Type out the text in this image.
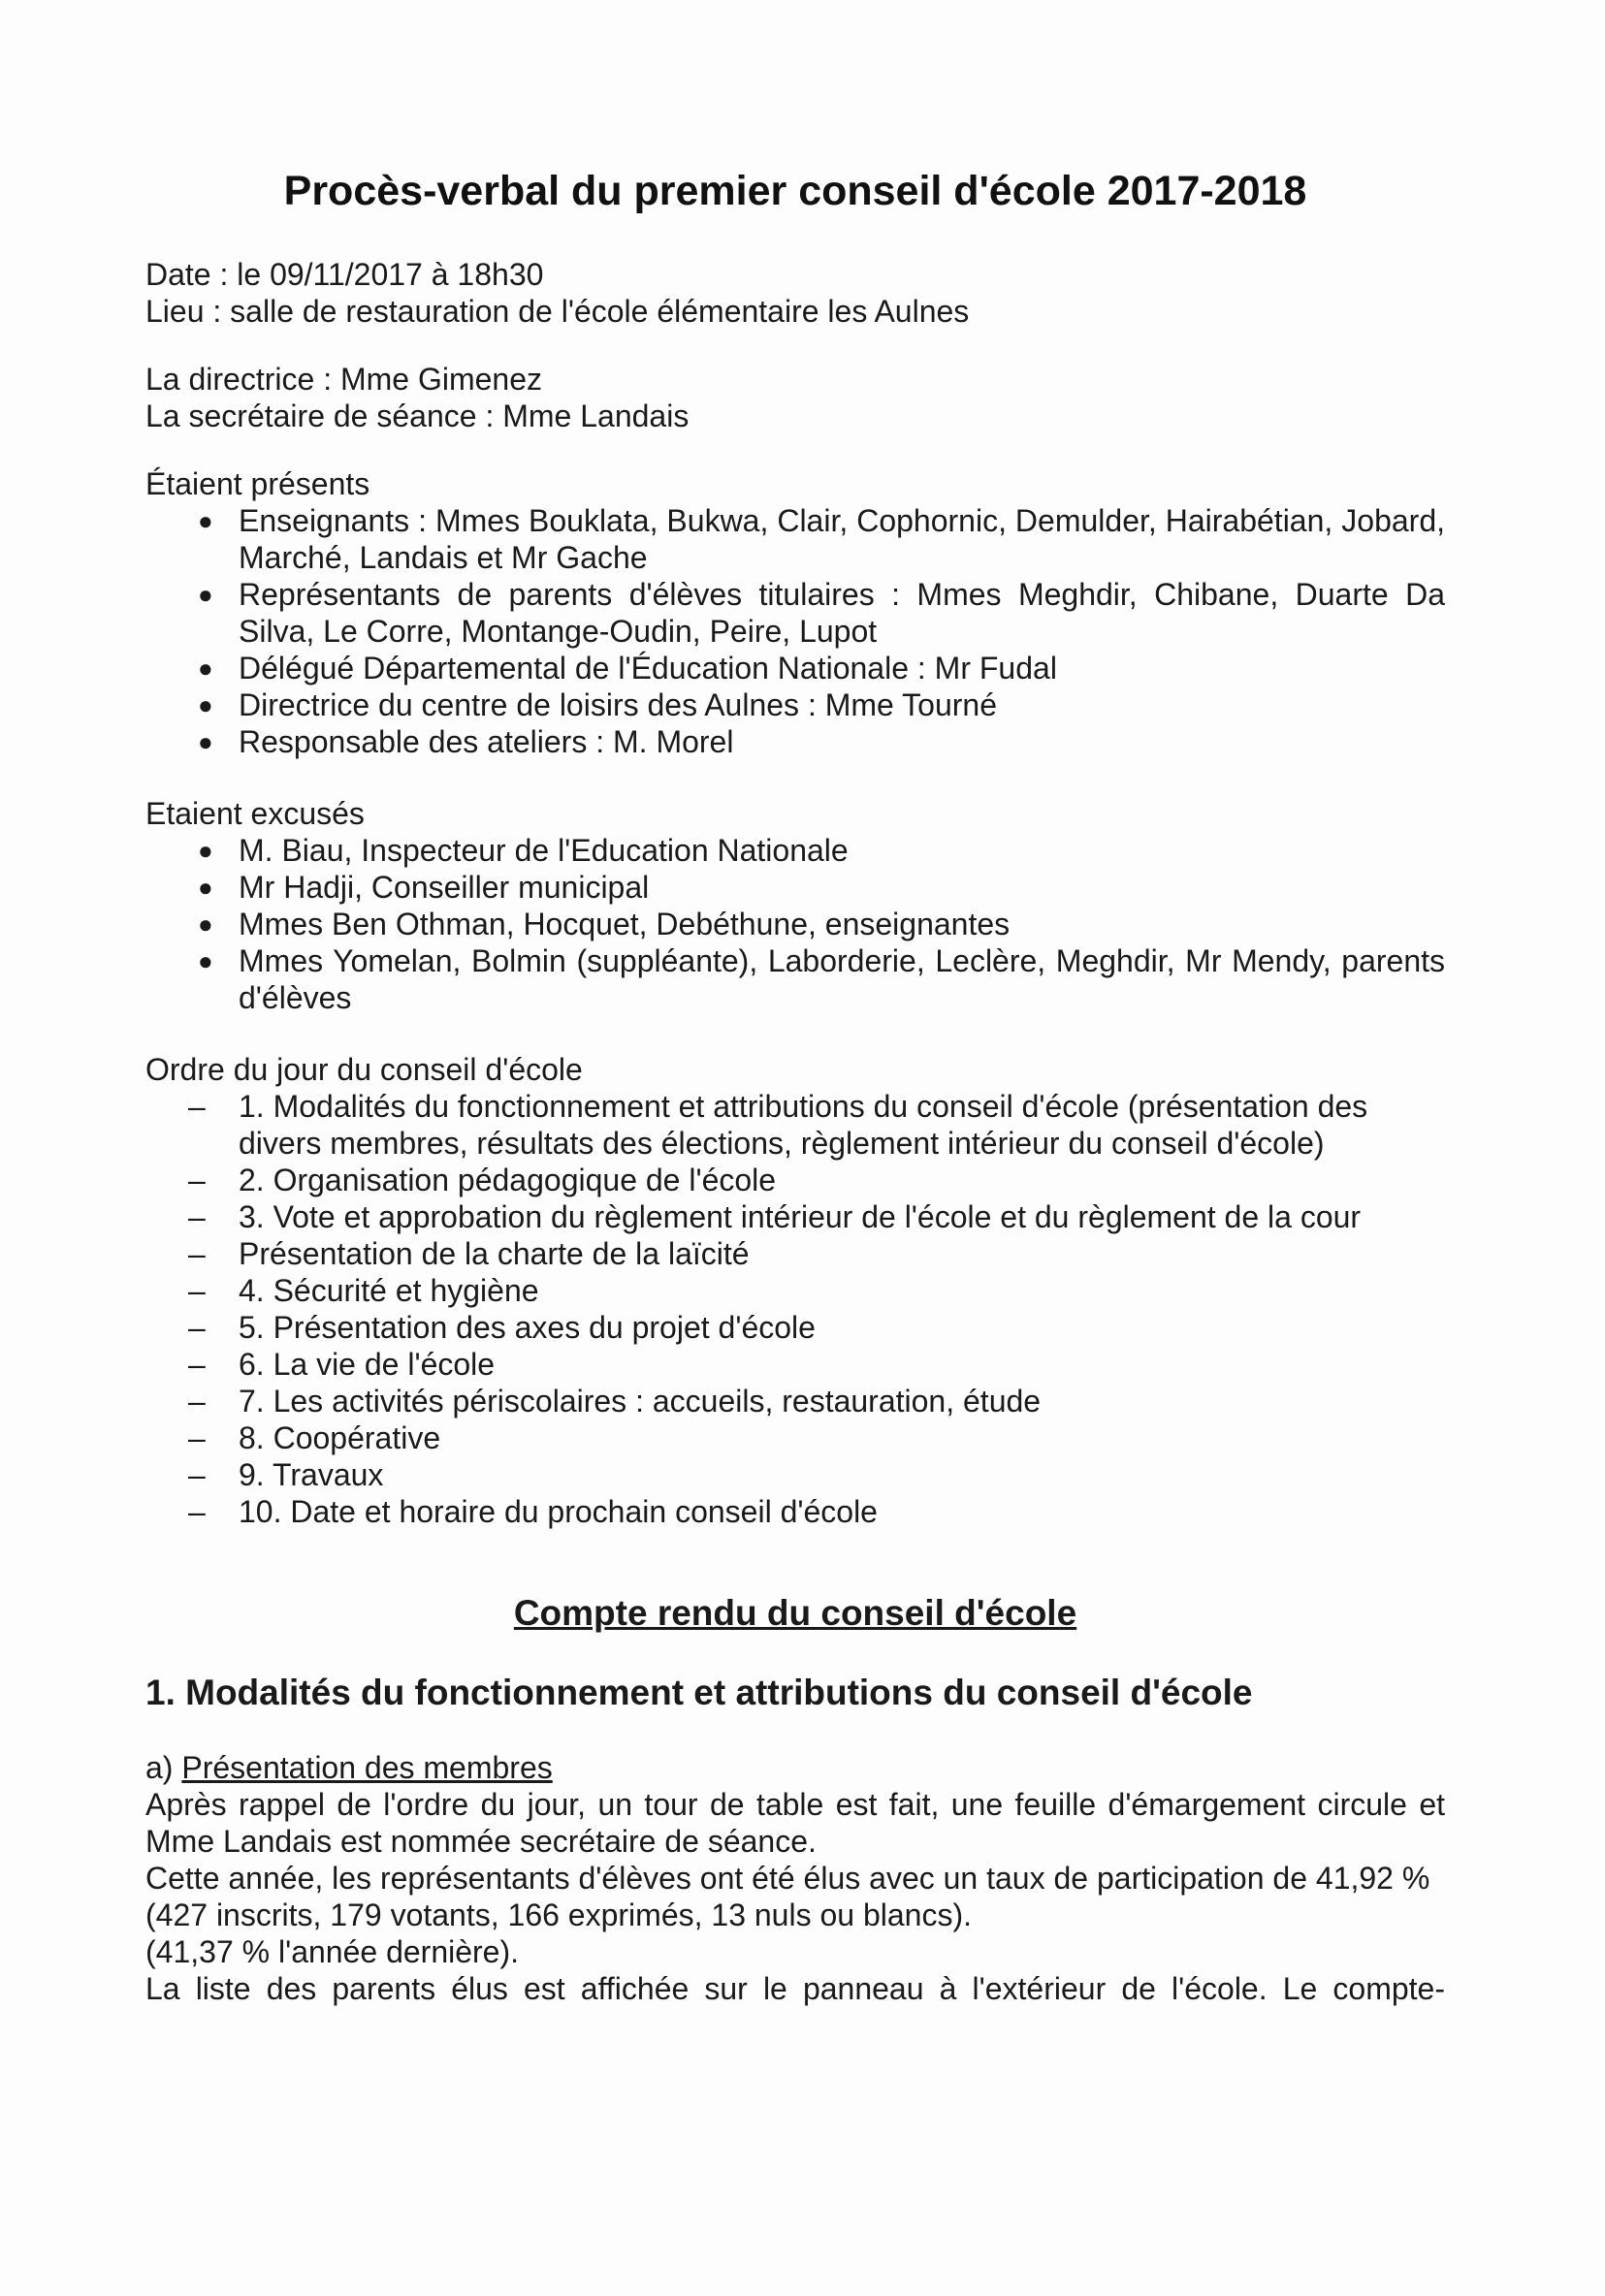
Procès-verbal du premier conseil d'école 2017-2018
Date : le 09/11/2017 à 18h30
Lieu : salle de restauration de l'école élémentaire les Aulnes
La directrice : Mme Gimenez
La secrétaire de séance : Mme Landais
Étaient présents
● Enseignants : Mmes Bouklata, Bukwa, Clair, Cophornic, Demulder, Hairabétian, Jobard, Marché, Landais et Mr Gache
● Représentants de parents d'élèves titulaires : Mmes Meghdir, Chibane, Duarte Da Silva, Le Corre, Montange-Oudin, Peire, Lupot
● Délégué Départemental de l'Éducation Nationale : Mr Fudal
● Directrice du centre de loisirs des Aulnes : Mme Tourné
● Responsable des ateliers : M. Morel
Etaient excusés
● M. Biau, Inspecteur de l'Education Nationale
● Mr Hadji, Conseiller municipal
● Mmes Ben Othman, Hocquet, Debéthune, enseignantes
● Mmes Yomelan, Bolmin (suppléante), Laborderie, Leclère, Meghdir, Mr Mendy, parents d'élèves
Ordre du jour du conseil d'école
–	1. Modalités du fonctionnement et attributions du conseil d'école (présentation des divers membres, résultats des élections, règlement intérieur du conseil d'école)
–	2. Organisation pédagogique de l'école
–	3. Vote et approbation du règlement intérieur de l'école et du règlement de la cour
–	Présentation de la charte de la laïcité
–	4. Sécurité et hygiène
–	5. Présentation des axes du projet d'école
–	6. La vie de l'école
–	7. Les activités périscolaires : accueils, restauration, étude
–	8. Coopérative
–	9. Travaux
–	10. Date et horaire du prochain conseil d'école
Compte rendu du conseil d'école
1. Modalités du fonctionnement et attributions du conseil d'école
a) Présentation des membres
Après rappel de l'ordre du jour, un tour de table est fait, une feuille d'émargement circule et Mme Landais est nommée secrétaire de séance.
Cette année, les représentants d'élèves ont été élus avec un taux de participation de 41,92 %
(427 inscrits, 179 votants, 166 exprimés, 13 nuls ou blancs).
(41,37 % l'année dernière).
La liste des parents élus est affichée sur le panneau à l'extérieur de l'école. Le compte-
